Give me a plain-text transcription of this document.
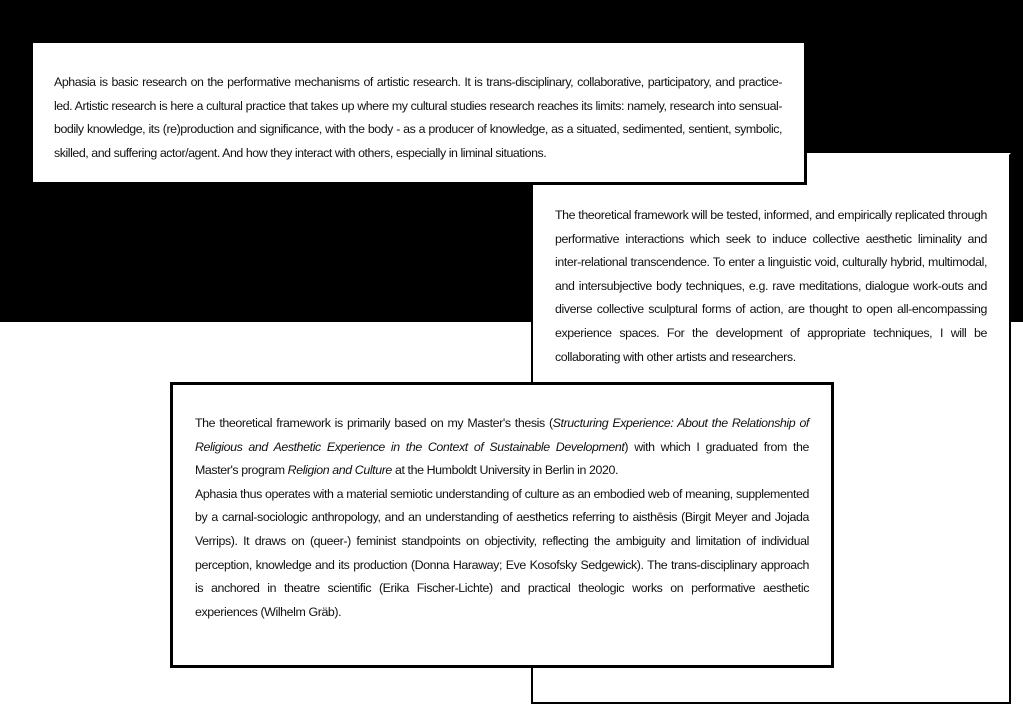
The theoretical framework will be tested, informed, and empirically replicated through performative interactions which seek to induce collective aesthetic liminality and inter-relational transcendence. To enter a linguistic void, culturally hybrid, multimodal, and intersubjective body techniques, e.g. rave meditations, dialogue work-outs and diverse collective sculptural forms of action, are thought to open all-encompassing experience spaces. For the development of appropriate techniques, I will be collaborating with other artists and researchers.

Aphasia is basic research on the performative mechanisms of artistic research. It is trans-disciplinary, collaborative, participatory, and practice-led. Artistic research is here a cultural practice that takes up where my cultural studies research reaches its limits: namely, research into sensual-bodily knowledge, its (re)production and significance, with the body - as a producer of knowledge, as a situated, sedimented, sentient, symbolic, skilled, and suffering actor/agent. And how they interact with others, especially in liminal situations.

The theoretical framework is primarily based on my Master's thesis (Structuring Experience: About the Relationship of Religious and Aesthetic Experience in the Context of Sustainable Development) with which I graduated from the Master's program Religion and Culture at the Humboldt University in Berlin in 2020.

Aphasia thus operates with a material semiotic understanding of culture as an embodied web of meaning, supplemented by a carnal-sociologic anthropology, and an understanding of aesthetics referring to aisthēsis (Birgit Meyer and Jojada Verrips). It draws on (queer-) feminist standpoints on objectivity, reflecting the ambiguity and limitation of individual perception, knowledge and its production (Donna Haraway; Eve Kosofsky Sedgewick). The trans-disciplinary approach is anchored in theatre scientific (Erika Fischer-Lichte) and practical theologic works on performative aesthetic experiences (Wilhelm Gräb).
